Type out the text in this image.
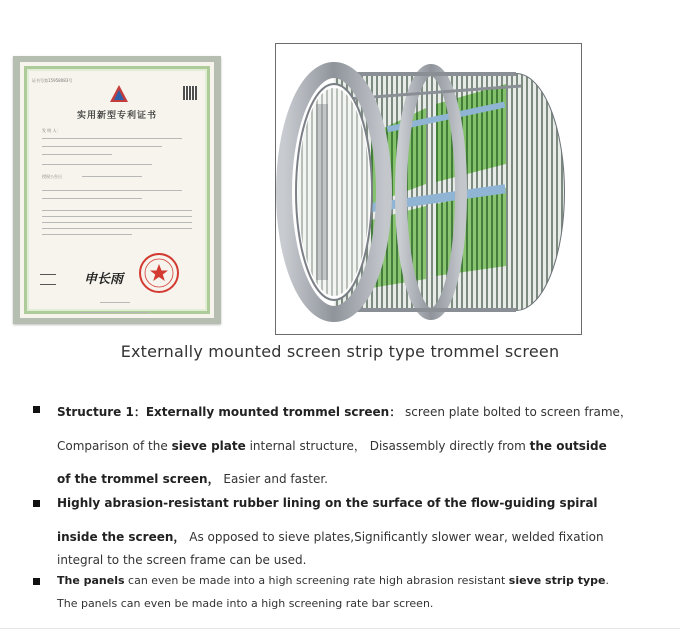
证书号第15958083号
实用新型专利证书
发 明 人：
授权公告日
申长雨
Externally mounted screen strip type trommel screen
Structure 1：Externally mounted trommel screen： screen plate bolted to screen frame，
Comparison of the sieve plate internal structure， Disassembly directly from the outside
of the trommel screen， Easier and faster.
Highly abrasion-resistant rubber lining on the surface of the flow-guiding spiral
inside the screen， As opposed to sieve plates,Significantly slower wear, welded fixation
integral to the screen frame can be used.
The panels can even be made into a high screening rate high abrasion resistant sieve strip type.
The panels can even be made into a high screening rate bar screen.
